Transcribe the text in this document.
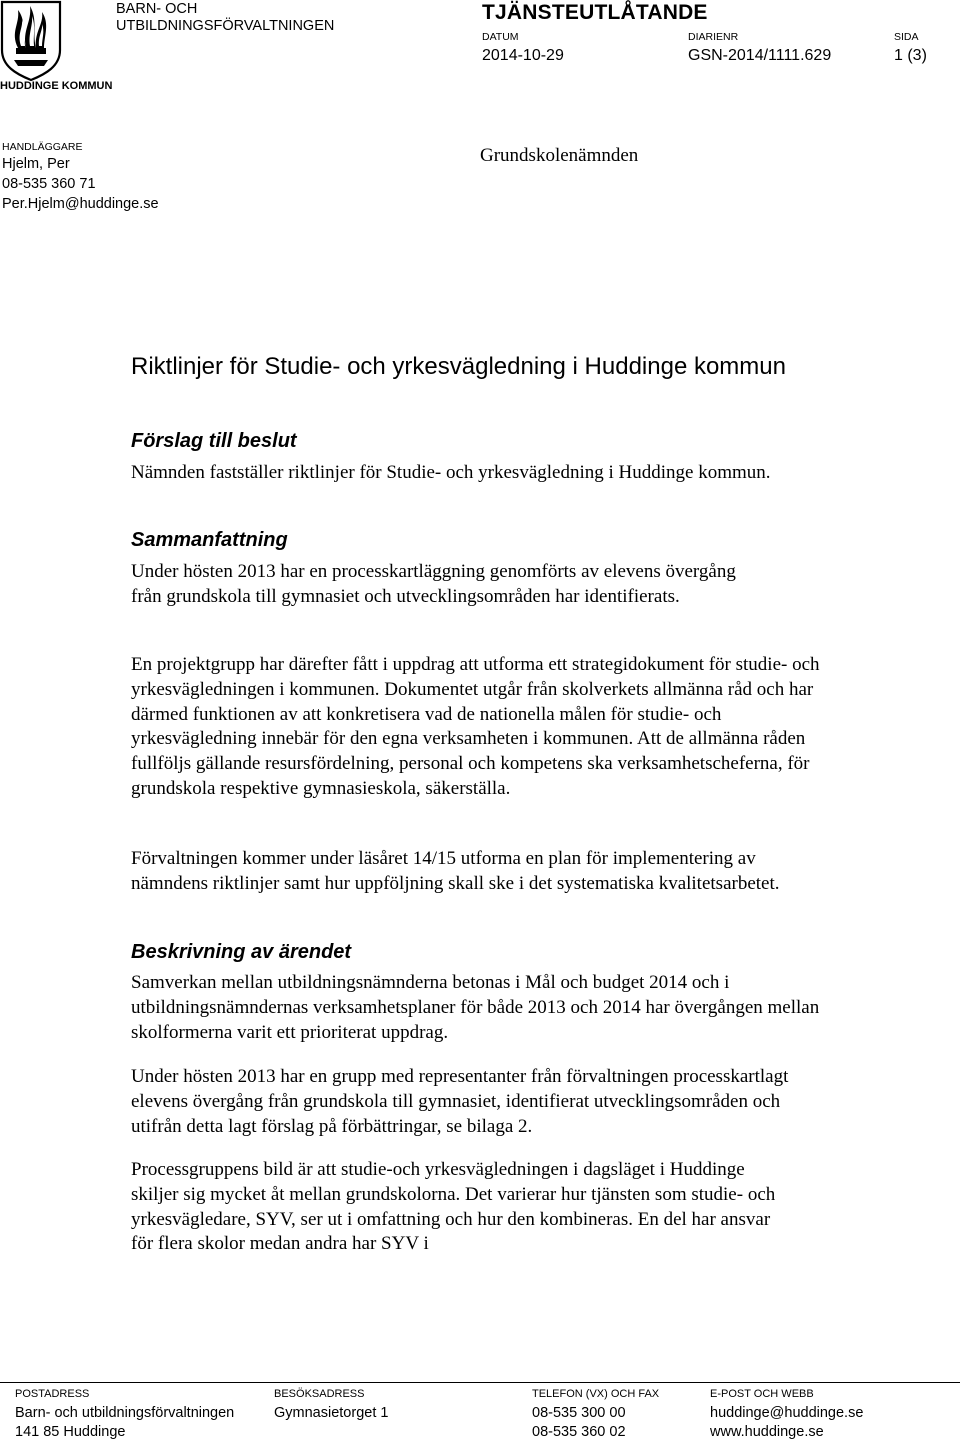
HUDDINGE KOMMUN
BARN- OCH
UTBILDNINGSFÖRVALTNINGEN
TJÄNSTEUTLÅTANDE
DATUM
2014-10-29
DIARIENR
GSN-2014/1111.629
SIDA
1 (3)
HANDLÄGGARE
Hjelm, Per
08-535 360 71
Per.Hjelm@huddinge.se
Grundskolenämnden
Riktlinjer för Studie- och yrkesvägledning i Huddinge kommun
Förslag till beslut
Nämnden fastställer riktlinjer för Studie- och yrkesvägledning i Huddinge kommun.
Sammanfattning
Under hösten 2013 har en processkartläggning genomförts av elevens övergång från grundskola till gymnasiet och utvecklingsområden har identifierats.
En projektgrupp har därefter fått i uppdrag att utforma ett strategidokument för studie- och yrkesvägledningen i kommunen. Dokumentet utgår från skolverkets allmänna råd och har därmed funktionen av att konkretisera vad de nationella målen för studie- och yrkesvägledning innebär för den egna verksamheten i kommunen. Att de allmänna råden fullföljs gällande resursfördelning, personal och kompetens ska verksamhetscheferna, för grundskola respektive gymnasieskola, säkerställa.
Förvaltningen kommer under läsåret 14/15 utforma en plan för implementering av nämndens riktlinjer samt hur uppföljning skall ske i det systematiska kvalitetsarbetet.
Beskrivning av ärendet
Samverkan mellan utbildningsnämnderna betonas i Mål och budget 2014 och i utbildningsnämndernas verksamhetsplaner för både 2013 och 2014 har övergången mellan skolformerna varit ett prioriterat uppdrag.
Under hösten 2013 har en grupp med representanter från förvaltningen processkartlagt elevens övergång från grundskola till gymnasiet, identifierat utvecklingsområden och utifrån detta lagt förslag på förbättringar, se bilaga 2.
Processgruppens bild är att studie-och yrkesvägledningen i dagsläget i Huddinge skiljer sig mycket åt mellan grundskolorna. Det varierar hur tjänsten som studie- och yrkesvägledare, SYV, ser ut i omfattning och hur den kombineras. En del har ansvar för flera skolor medan andra har SYV i
POSTADRESS
Barn- och utbildningsförvaltningen
141 85 Huddinge
BESÖKSADRESS
Gymnasietorget 1
TELEFON (VX) OCH FAX
08-535 300 00
08-535 360 02
E-POST OCH WEBB
huddinge@huddinge.se
www.huddinge.se
